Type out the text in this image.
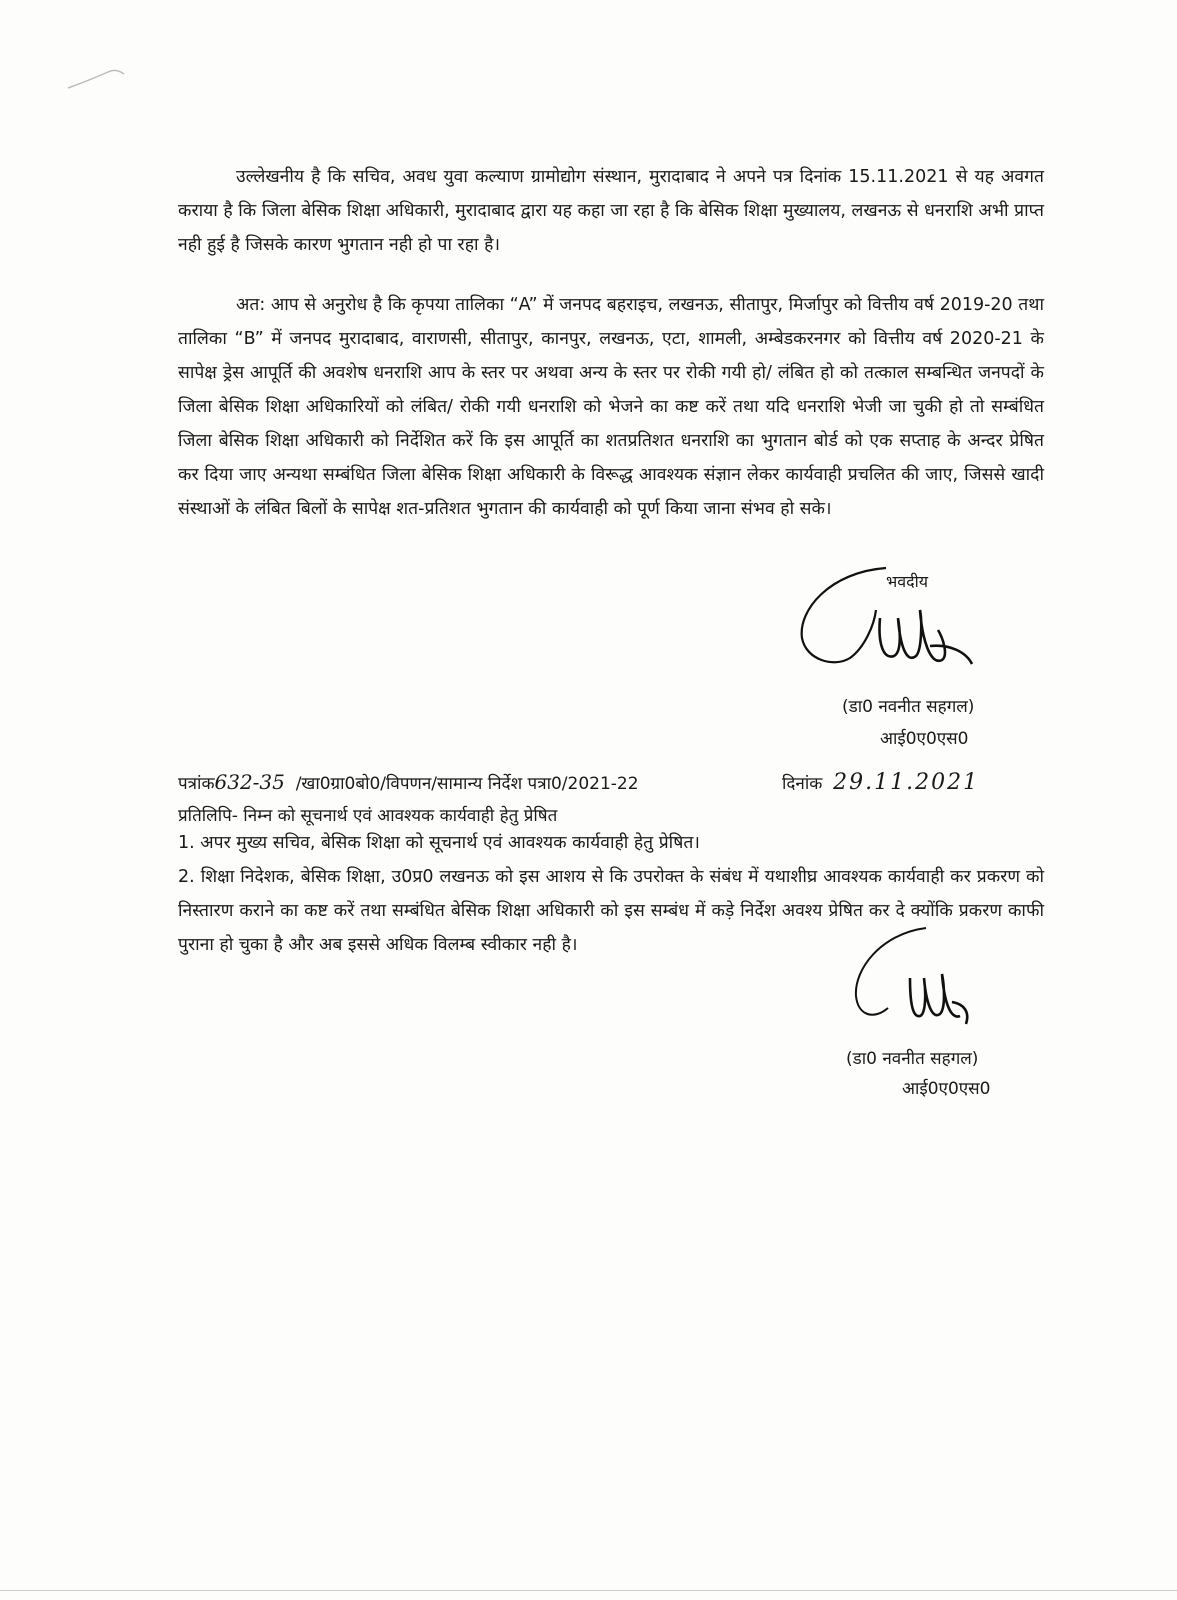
उल्लेखनीय है कि सचिव, अवध युवा कल्याण ग्रामोद्योग संस्थान, मुरादाबाद ने अपने पत्र दिनांक 15.11.2021 से यह अवगत कराया है कि जिला बेसिक शिक्षा अधिकारी, मुरादाबाद द्वारा यह कहा जा रहा है कि बेसिक शिक्षा मुख्यालय, लखनऊ से धनराशि अभी प्राप्त नही हुई है जिसके कारण भुगतान नही हो पा रहा है।

अत: आप से अनुरोध है कि कृपया तालिका “A” में जनपद बहराइच, लखनऊ, सीतापुर, मिर्जापुर को वित्तीय वर्ष 2019-20 तथा तालिका “B” में जनपद मुरादाबाद, वाराणसी, सीतापुर, कानपुर, लखनऊ, एटा, शामली, अम्बेडकरनगर को वित्तीय वर्ष 2020-21 के सापेक्ष ड्रेस आपूर्ति की अवशेष धनराशि आप के स्तर पर अथवा अन्य के स्तर पर रोकी गयी हो/ लंबित हो को तत्काल सम्बन्धित जनपदों के जिला बेसिक शिक्षा अधिकारियों को लंबित/ रोकी गयी धनराशि को भेजने का कष्ट करें तथा यदि धनराशि भेजी जा चुकी हो तो सम्बंधित जिला बेसिक शिक्षा अधिकारी को निर्देशित करें कि इस आपूर्ति का शतप्रतिशत धनराशि का भुगतान बोर्ड को एक सप्ताह के अन्दर प्रेषित कर दिया जाए अन्यथा सम्बंधित जिला बेसिक शिक्षा अधिकारी के विरूद्ध आवश्यक संज्ञान लेकर कार्यवाही प्रचलित की जाए, जिससे खादी संस्थाओं के लंबित बिलों के सापेक्ष शत-प्रतिशत भुगतान की कार्यवाही को पूर्ण किया जाना संभव हो सके।

भवदीय
(डा0 नवनीत सहगल)
आई0ए0एस0
पत्रांक632-35 /खा0ग्रा0बो0/विपणन/सामान्य निर्देश पत्रा0/2021-22	दिनांक 29.11.2021
प्रतिलिपि- निम्न को सूचनार्थ एवं आवश्यक कार्यवाही हेतु प्रेषित

1. अपर मुख्य सचिव, बेसिक शिक्षा को सूचनार्थ एवं आवश्यक कार्यवाही हेतु प्रेषित।

2. शिक्षा निदेशक, बेसिक शिक्षा, उ0प्र0 लखनऊ को इस आशय से कि उपरोक्त के संबंध में यथाशीघ्र आवश्यक कार्यवाही कर प्रकरण को निस्तारण कराने का कष्ट करें तथा सम्बंधित बेसिक शिक्षा अधिकारी को इस सम्बंध में कड़े निर्देश अवश्य प्रेषित कर दे क्योंकि प्रकरण काफी पुराना हो चुका है और अब इससे अधिक विलम्ब स्वीकार नही है।

(डा0 नवनीत सहगल)
आई0ए0एस0
